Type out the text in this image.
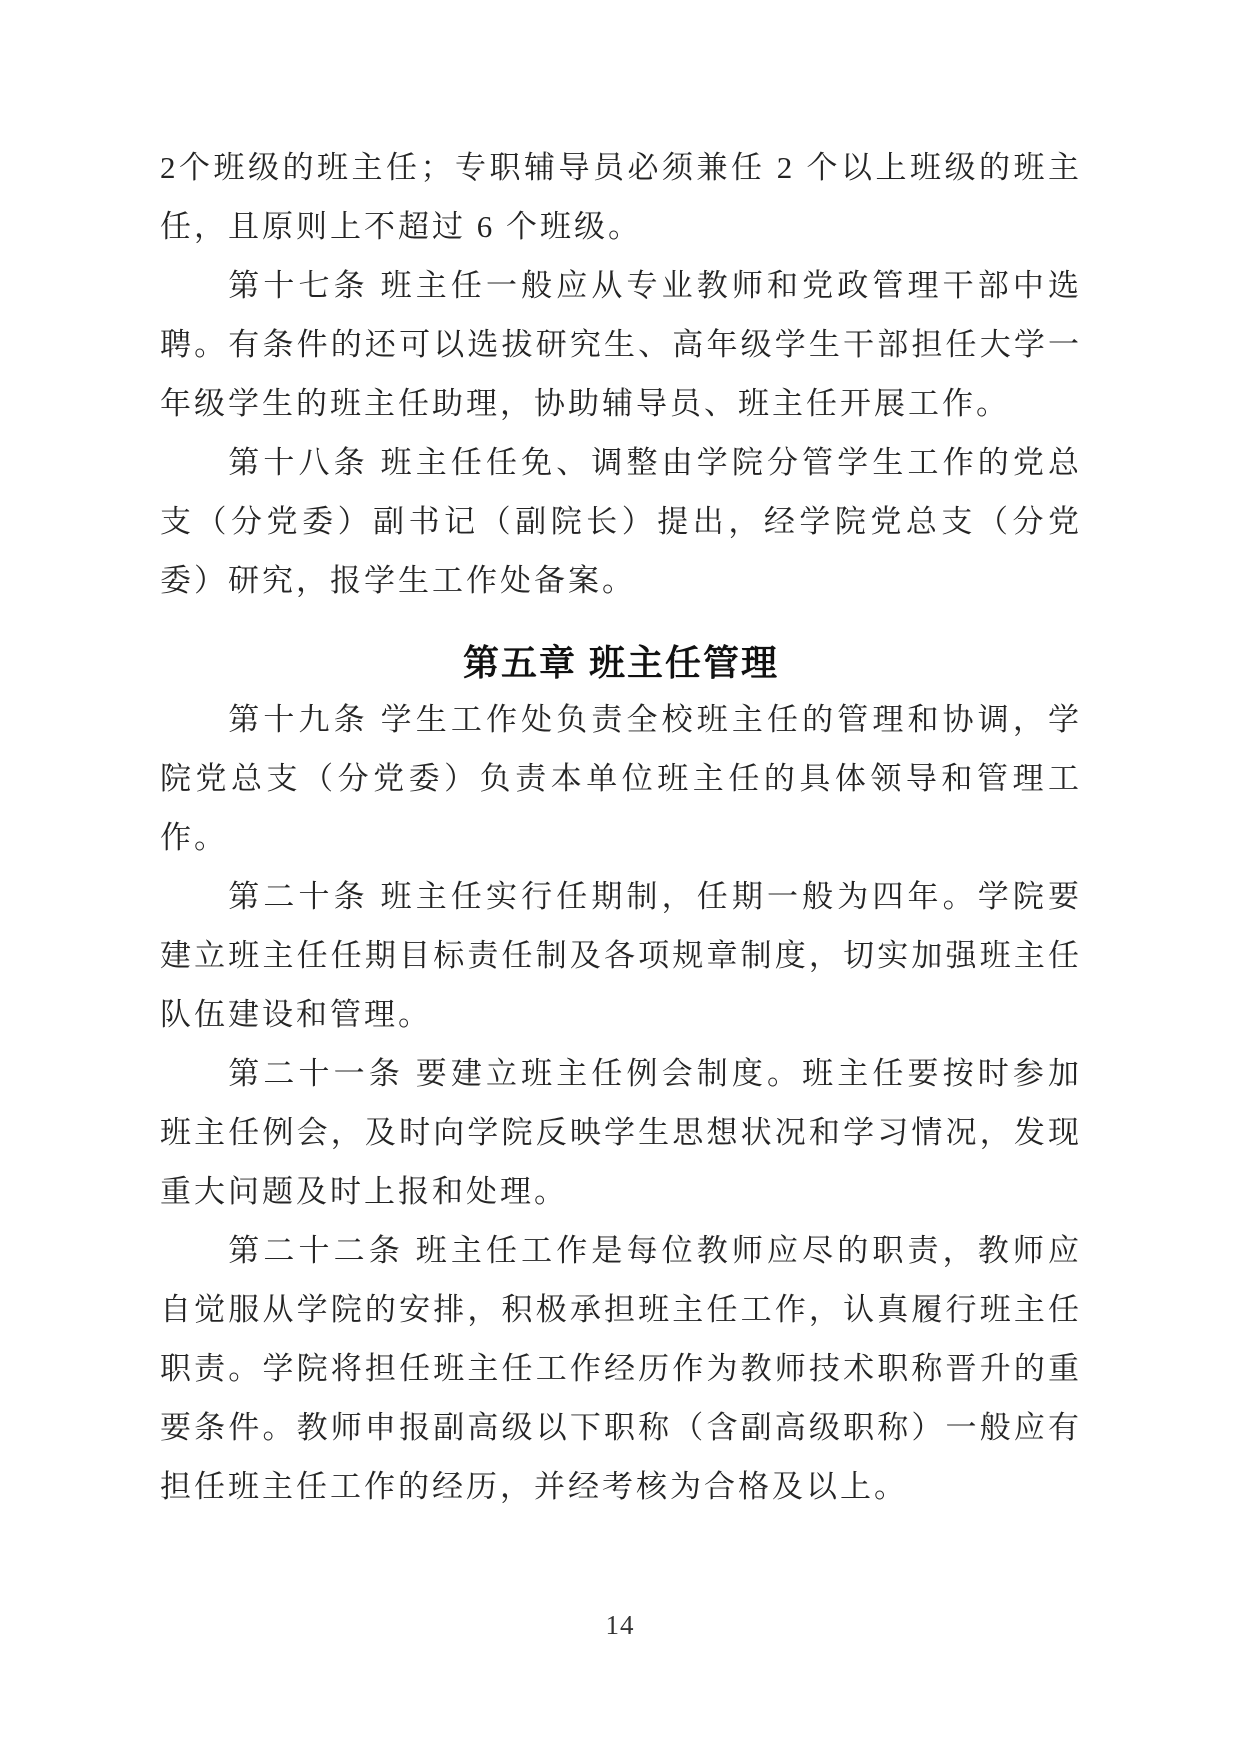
2个班级的班主任；专职辅导员必须兼任 2 个以上班级的班主任，且原则上不超过 6 个班级。

第十七条 班主任一般应从专业教师和党政管理干部中选聘。有条件的还可以选拔研究生、高年级学生干部担任大学一年级学生的班主任助理，协助辅导员、班主任开展工作。

第十八条 班主任任免、调整由学院分管学生工作的党总支（分党委）副书记（副院长）提出，经学院党总支（分党委）研究，报学生工作处备案。

第五章 班主任管理

第十九条 学生工作处负责全校班主任的管理和协调，学院党总支（分党委）负责本单位班主任的具体领导和管理工作。

第二十条 班主任实行任期制，任期一般为四年。学院要建立班主任任期目标责任制及各项规章制度，切实加强班主任队伍建设和管理。

第二十一条 要建立班主任例会制度。班主任要按时参加班主任例会，及时向学院反映学生思想状况和学习情况，发现重大问题及时上报和处理。

第二十二条 班主任工作是每位教师应尽的职责，教师应自觉服从学院的安排，积极承担班主任工作，认真履行班主任职责。学院将担任班主任工作经历作为教师技术职称晋升的重要条件。教师申报副高级以下职称（含副高级职称）一般应有担任班主任工作的经历，并经考核为合格及以上。

14
